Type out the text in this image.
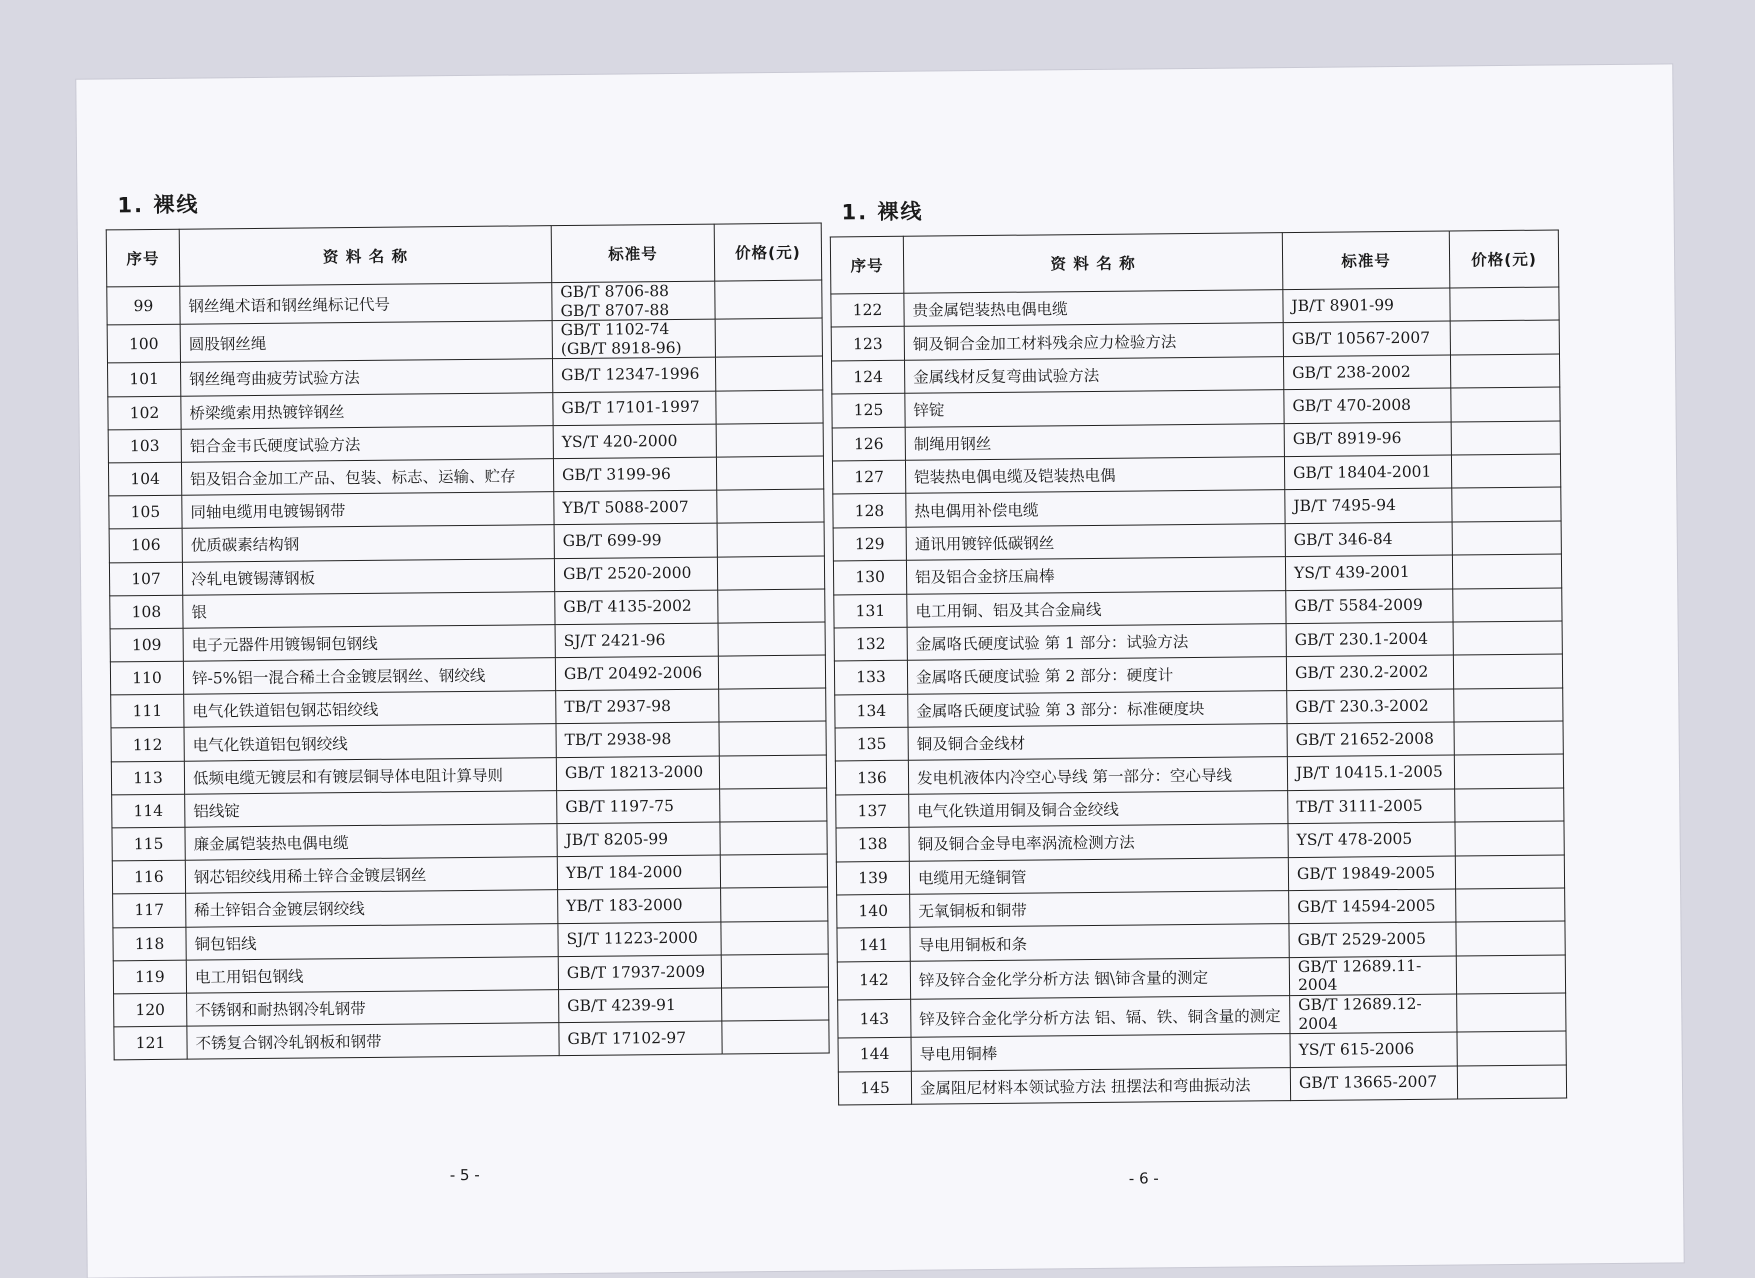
1. 裸线
序号	资 料 名 称	标准号	价格(元)
99	钢丝绳术语和钢丝绳标记代号	GB/T 8706-88
GB/T 8707-88	

100	圆股钢丝绳	GB/T 1102-74
(GB/T 8918-96)	

101	钢丝绳弯曲疲劳试验方法	GB/T 12347-1996	

102	桥梁缆索用热镀锌钢丝	GB/T 17101-1997	

103	铝合金韦氏硬度试验方法	YS/T 420-2000	

104	铝及铝合金加工产品、包装、标志、运输、贮存	GB/T 3199-96	

105	同轴电缆用电镀锡钢带	YB/T 5088-2007	

106	优质碳素结构钢	GB/T 699-99	

107	冷轧电镀锡薄钢板	GB/T 2520-2000	

108	银	GB/T 4135-2002	

109	电子元器件用镀锡铜包钢线	SJ/T 2421-96	

110	锌-5%铝一混合稀土合金镀层钢丝、钢绞线	GB/T 20492-2006	

111	电气化铁道铝包钢芯铝绞线	TB/T 2937-98	

112	电气化铁道铝包钢绞线	TB/T 2938-98	

113	低频电缆无镀层和有镀层铜导体电阻计算导则	GB/T 18213-2000	

114	铝线锭	GB/T 1197-75	

115	廉金属铠装热电偶电缆	JB/T 8205-99	

116	钢芯铝绞线用稀土锌合金镀层钢丝	YB/T 184-2000	

117	稀土锌铝合金镀层钢绞线	YB/T 183-2000	

118	铜包铝线	SJ/T 11223-2000	

119	电工用铝包钢线	GB/T 17937-2009	

120	不锈钢和耐热钢冷轧钢带	GB/T 4239-91	

121	不锈复合钢冷轧钢板和钢带	GB/T 17102-97	

1. 裸线
序号	资 料 名 称	标准号	价格(元)
122	贵金属铠装热电偶电缆	JB/T 8901-99	

123	铜及铜合金加工材料残余应力检验方法	GB/T 10567-2007	

124	金属线材反复弯曲试验方法	GB/T 238-2002	

125	锌锭	GB/T 470-2008	

126	制绳用钢丝	GB/T 8919-96	

127	铠装热电偶电缆及铠装热电偶	GB/T 18404-2001	

128	热电偶用补偿电缆	JB/T 7495-94	

129	通讯用镀锌低碳钢丝	GB/T 346-84	

130	铝及铝合金挤压扁棒	YS/T 439-2001	

131	电工用铜、铝及其合金扁线	GB/T 5584-2009	

132	金属咯氏硬度试验 第 1 部分：试验方法	GB/T 230.1-2004	

133	金属咯氏硬度试验 第 2 部分：硬度计	GB/T 230.2-2002	

134	金属咯氏硬度试验 第 3 部分：标准硬度块	GB/T 230.3-2002	

135	铜及铜合金线材	GB/T 21652-2008	

136	发电机液体内冷空心导线 第一部分：空心导线	JB/T 10415.1-2005	

137	电气化铁道用铜及铜合金绞线	TB/T 3111-2005	

138	铜及铜合金导电率涡流检测方法	YS/T 478-2005	

139	电缆用无缝铜管	GB/T 19849-2005	

140	无氧铜板和铜带	GB/T 14594-2005	

141	导电用铜板和条	GB/T 2529-2005	

142	锌及锌合金化学分析方法 铟\铈含量的测定	GB/T 12689.11-2004	

143	锌及锌合金化学分析方法 铝、镉、铁、铜含量的测定	GB/T 12689.12-2004	

144	导电用铜棒	YS/T 615-2006	

145	金属阻尼材料本领试验方法 扭摆法和弯曲振动法	GB/T 13665-2007	

- 5 -	- 6 -
